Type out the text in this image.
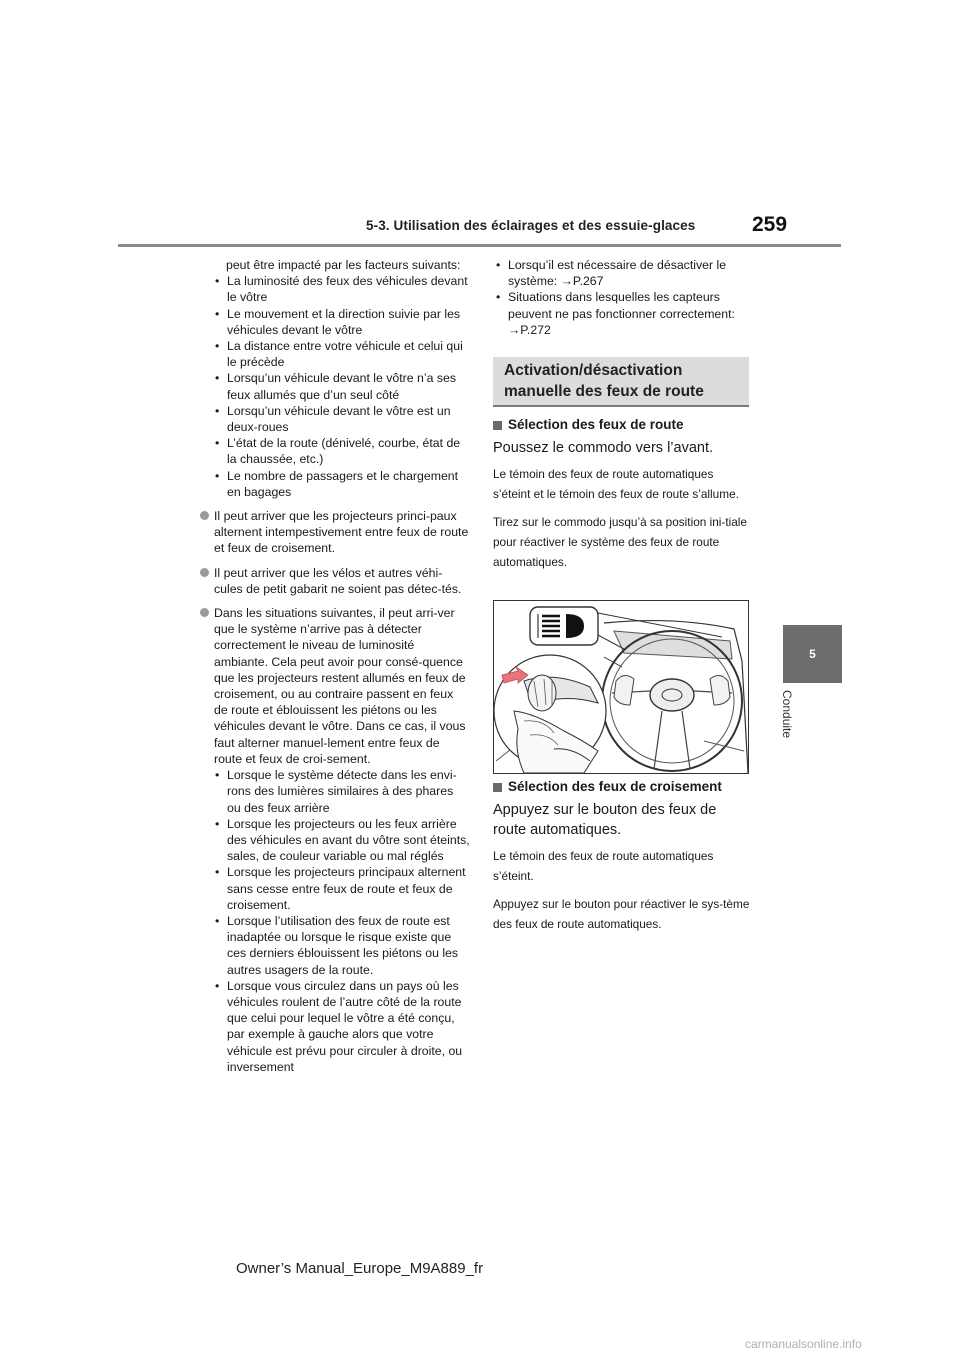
5-3. Utilisation des éclairages et des essuie-glaces	259
5
Conduite

peut être impacté par les facteurs suivants:

• La luminosité des feux des véhicules devant le vôtre

• Le mouvement et la direction suivie par les véhicules devant le vôtre

• La distance entre votre véhicule et celui qui le précède

• Lorsqu’un véhicule devant le vôtre n’a ses feux allumés que d’un seul côté

• Lorsqu’un véhicule devant le vôtre est un deux-roues

• L’état de la route (dénivelé, courbe, état de la chaussée, etc.)

• Le nombre de passagers et le chargement en bagages

Il peut arriver que les projecteurs princi-paux alternent intempestivement entre feux de route et feux de croisement.

Il peut arriver que les vélos et autres véhi-cules de petit gabarit ne soient pas détec-tés.

Dans les situations suivantes, il peut arri-ver que le système n’arrive pas à détecter correctement le niveau de luminosité ambiante. Cela peut avoir pour consé-quence que les projecteurs restent allumés en feux de croisement, ou au contraire passent en feux de route et éblouissent les piétons ou les véhicules devant le vôtre. Dans ce cas, il vous faut alterner manuel-lement entre feux de route et feux de croi-sement.

• Lorsque le système détecte dans les envi-rons des lumières similaires à des phares ou des feux arrière

• Lorsque les projecteurs ou les feux arrière des véhicules en avant du vôtre sont éteints, sales, de couleur variable ou mal réglés

• Lorsque les projecteurs principaux alternent sans cesse entre feux de route et feux de croisement.

• Lorsque l’utilisation des feux de route est inadaptée ou lorsque le risque existe que ces derniers éblouissent les piétons ou les autres usagers de la route.

• Lorsque vous circulez dans un pays où les véhicules roulent de l’autre côté de la route que celui pour lequel le vôtre a été conçu, par exemple à gauche alors que votre véhicule est prévu pour circuler à droite, ou inversement

• Lorsqu’il est nécessaire de désactiver le système: →P.267

• Situations dans lesquelles les capteurs peuvent ne pas fonctionner correctement: →P.272

Activation/désactivation
manuelle des feux de route
Sélection des feux de route
Poussez le commodo vers l’avant.
Le témoin des feux de route automatiques s’éteint et le témoin des feux de route s’allume.
Tirez sur le commodo jusqu’à sa position ini-tiale pour réactiver le système des feux de route automatiques.
Sélection des feux de croisement
Appuyez sur le bouton des feux de route automatiques.
Le témoin des feux de route automatiques s’éteint.
Appuyez sur le bouton pour réactiver le sys-tème des feux de route automatiques.
Owner’s Manual_Europe_M9A889_fr
carmanualsonline.info
